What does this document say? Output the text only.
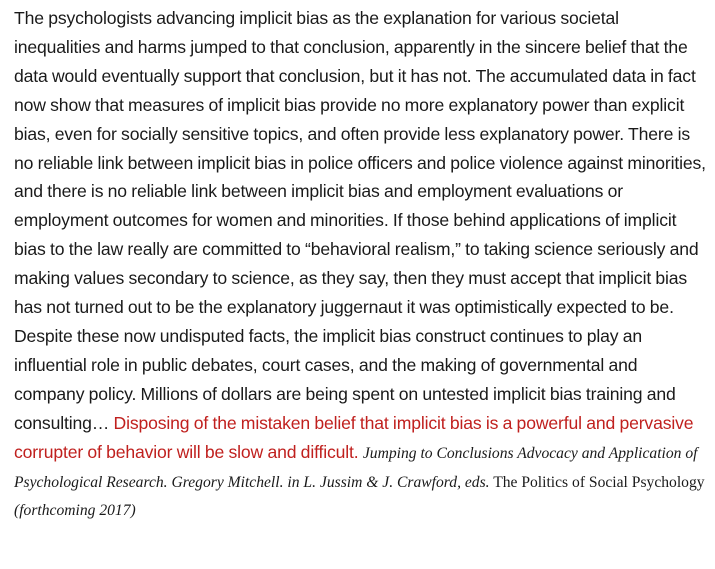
The psychologists advancing implicit bias as the explanation for various societal inequalities and harms jumped to that conclusion, apparently in the sincere belief that the data would eventually support that conclusion, but it has not. The accumulated data in fact now show that measures of implicit bias provide no more explanatory power than explicit bias, even for socially sensitive topics, and often provide less explanatory power. There is no reliable link between implicit bias in police officers and police violence against minorities, and there is no reliable link between implicit bias and employment evaluations or employment outcomes for women and minorities. If those behind applications of implicit bias to the law really are committed to “behavioral realism,” to taking science seriously and making values secondary to science, as they say, then they must accept that implicit bias has not turned out to be the explanatory juggernaut it was optimistically expected to be. Despite these now undisputed facts, the implicit bias construct continues to play an influential role in public debates, court cases, and the making of governmental and company policy. Millions of dollars are being spent on untested implicit bias training and consulting… Disposing of the mistaken belief that implicit bias is a powerful and pervasive corrupter of behavior will be slow and difficult. Jumping to Conclusions Advocacy and Application of Psychological Research. Gregory Mitchell. in L. Jussim & J. Crawford, eds. The Politics of Social Psychology (forthcoming 2017)
